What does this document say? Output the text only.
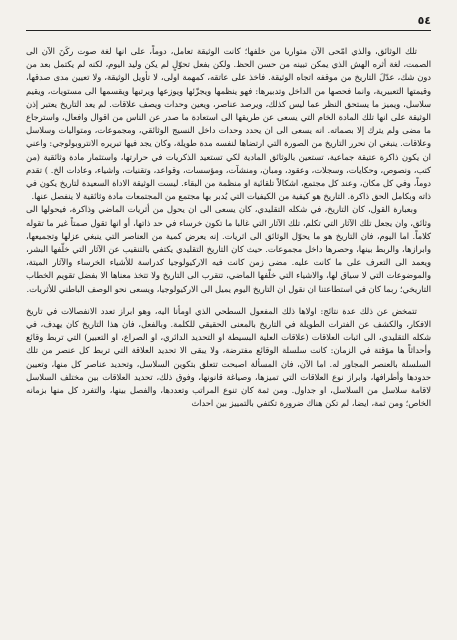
٥٤

تلك الوثائق، والذي امّحى الآن متواريا من خلفها؛ كانت الوثيقة تعامل، دوماً، على انها لغة صوت ركَنَ الآن الى الصمت، لغة أثره الهش الذي يمكن تبينه من حسن الحظ. ولكن بفعل تحوّلٍ لم يكن وليد اليوم، لكنه لم يكتمل بعد من دون شك، عدّلَ التاريخ من موقفه اتجاه الوثيقة. فاخذ على عاتقه، كمهمة اولى، لا تأويل الوثيقة، ولا تعيين مدى صدقها، وقيمتها التعبيرية، وانما فحصها من الداخل وتدبيرها: فهو ينظمها ويجزّئها ويوزعها ويرتبها ويقسمها الى مستويات، ويقيم سلاسل، ويميز ما يستحق النظر عما ليس كذلك، ويرصد عناصر، ويعين وحدات ويصف علاقات. لم يعد التاريخ يعتبر إذن الوثيقة على انها تلك المادة الخام التي يسعى عن طريقها الى استعادة ما صدر عن الناس من اقوال وافعال، واسترجاع ما مضى ولم يترك إلا بصماته. انه يسعى الى ان يحدد وحدات داخل النسيج الوثائقي، ومجموعات، ومتواليات وسلاسل وعلاقات. ينبغي ان نحرر التاريخ من الصورة التي ارتضاها لنفسه مدة طويلة، وكان يجد فيها تبريره الانتروبولوجي: واعني ان يكون ذاكرة عتيقة جماعية، تستعين بالوثائق المادية لكي تستعيد الذكريات في حرارتها، واستثمار مادة وثائقية (من كتب، ونصوص، وحكايات، وسجلات، وعقود، ومبان، ومنشآت، ومؤسسات، وقواعد، وتقنيات، واشياء، وعادات الخ. ) تقدم دوماً، وفي كل مكان، وعند كل مجتمع، اشكالاً تلقائية او منظمة من البقاء. ليست الوثيقة الاداة السعيدة لتاريخ يكون في ذاته وبكامل الحق ذاكرة. التاريخ هو كيفية من الكيفيات التي يُدبر بها مجتمع من المجتمعات مادة وثائقية لا ينفصل عنها.

وبعبارة القول، كان التاريخ، في شكله التقليدي، كان يسعى الى ان يحول من أثريات الماضي وذاكرة، فيحولها الى وثائق، وان يجعل تلك الآثار التي تكلم، تلك الآثار التي غالبا ما تكون خرساء في حد ذاتها، أو انها تقول صمتاً غير ما تقوله كلاماً. اما اليوم، فان التاريخ هو ما يحوّل الوثائق الى اثريات. إنه يعرض كمية من العناصر التي ينبغي عزلها وتجميعها، وابرازها، والربط بينها، وحصرها داخل مجموعات. حيث كان التاريخ التقليدي يكتفي بالتنقيب عن الآثار التي خلّفها البشر، ويعمد الى التعرف على ما كانت عليه. مضى زمن كانت فيه الاركيولوجيا كدراسة للأشياء الخرساء والآثار الميتة، والموضوعات التي لا سياق لها، والاشياء التي خلّفها الماضي، تتقرب الى التاريخ ولا تتخذ معناها الا بفضل تقويم الخطاب التاريخي؛ ربما كان في استطاعتنا ان نقول ان التاريخ اليوم يميل الى الاركيولوجيا، ويسعى نحو الوصف الباطني للأثريات.

تتمخض عن ذلك عدة نتائج: اولاها ذلك المفعول السطحي الذي اومأنا اليه، وهو ابراز تعدد الانفصالات في تاريخ الافكار، والكشف عن الفترات الطويلة في التاريخ بالمعنى الحقيقي للكلمة. وبالفعل، فان هذا التاريخ كان يهدف، في شكله التقليدي، الى اثبات العلاقات (علاقات العلية البسيطة او التحديد الدائري، او الصراع، او التعبير) التي تربط وقائع وأحداثاً ها مؤقتة في الزمان: كانت سلسلة الوقائع مفترضة، ولا يبقى الا تحديد العلاقة التي تربط كل عنصر من تلك السلسلة بالعنصر المجاور له. اما الآن، فان المسألة اصبحت تتعلق بتكوين السلاسل، وتحديد عناصر كل منها، وتعيين حدودها وأطرافها، وابراز نوع العلاقات التي تميزها، وصياغة قانونها، وفوق ذلك، تحديد العلاقات بين مختلف السلاسل لاقامة سلاسل من السلاسل، او جداول. ومن ثمة كان تنوع المراتب وتعددها، والفصل بينها، والتفرد كل منها بزمانه الخاص؛ ومن ثمة، ايضا، لم تكن هناك ضرورة تكتفي بالتمييز بين احداث
